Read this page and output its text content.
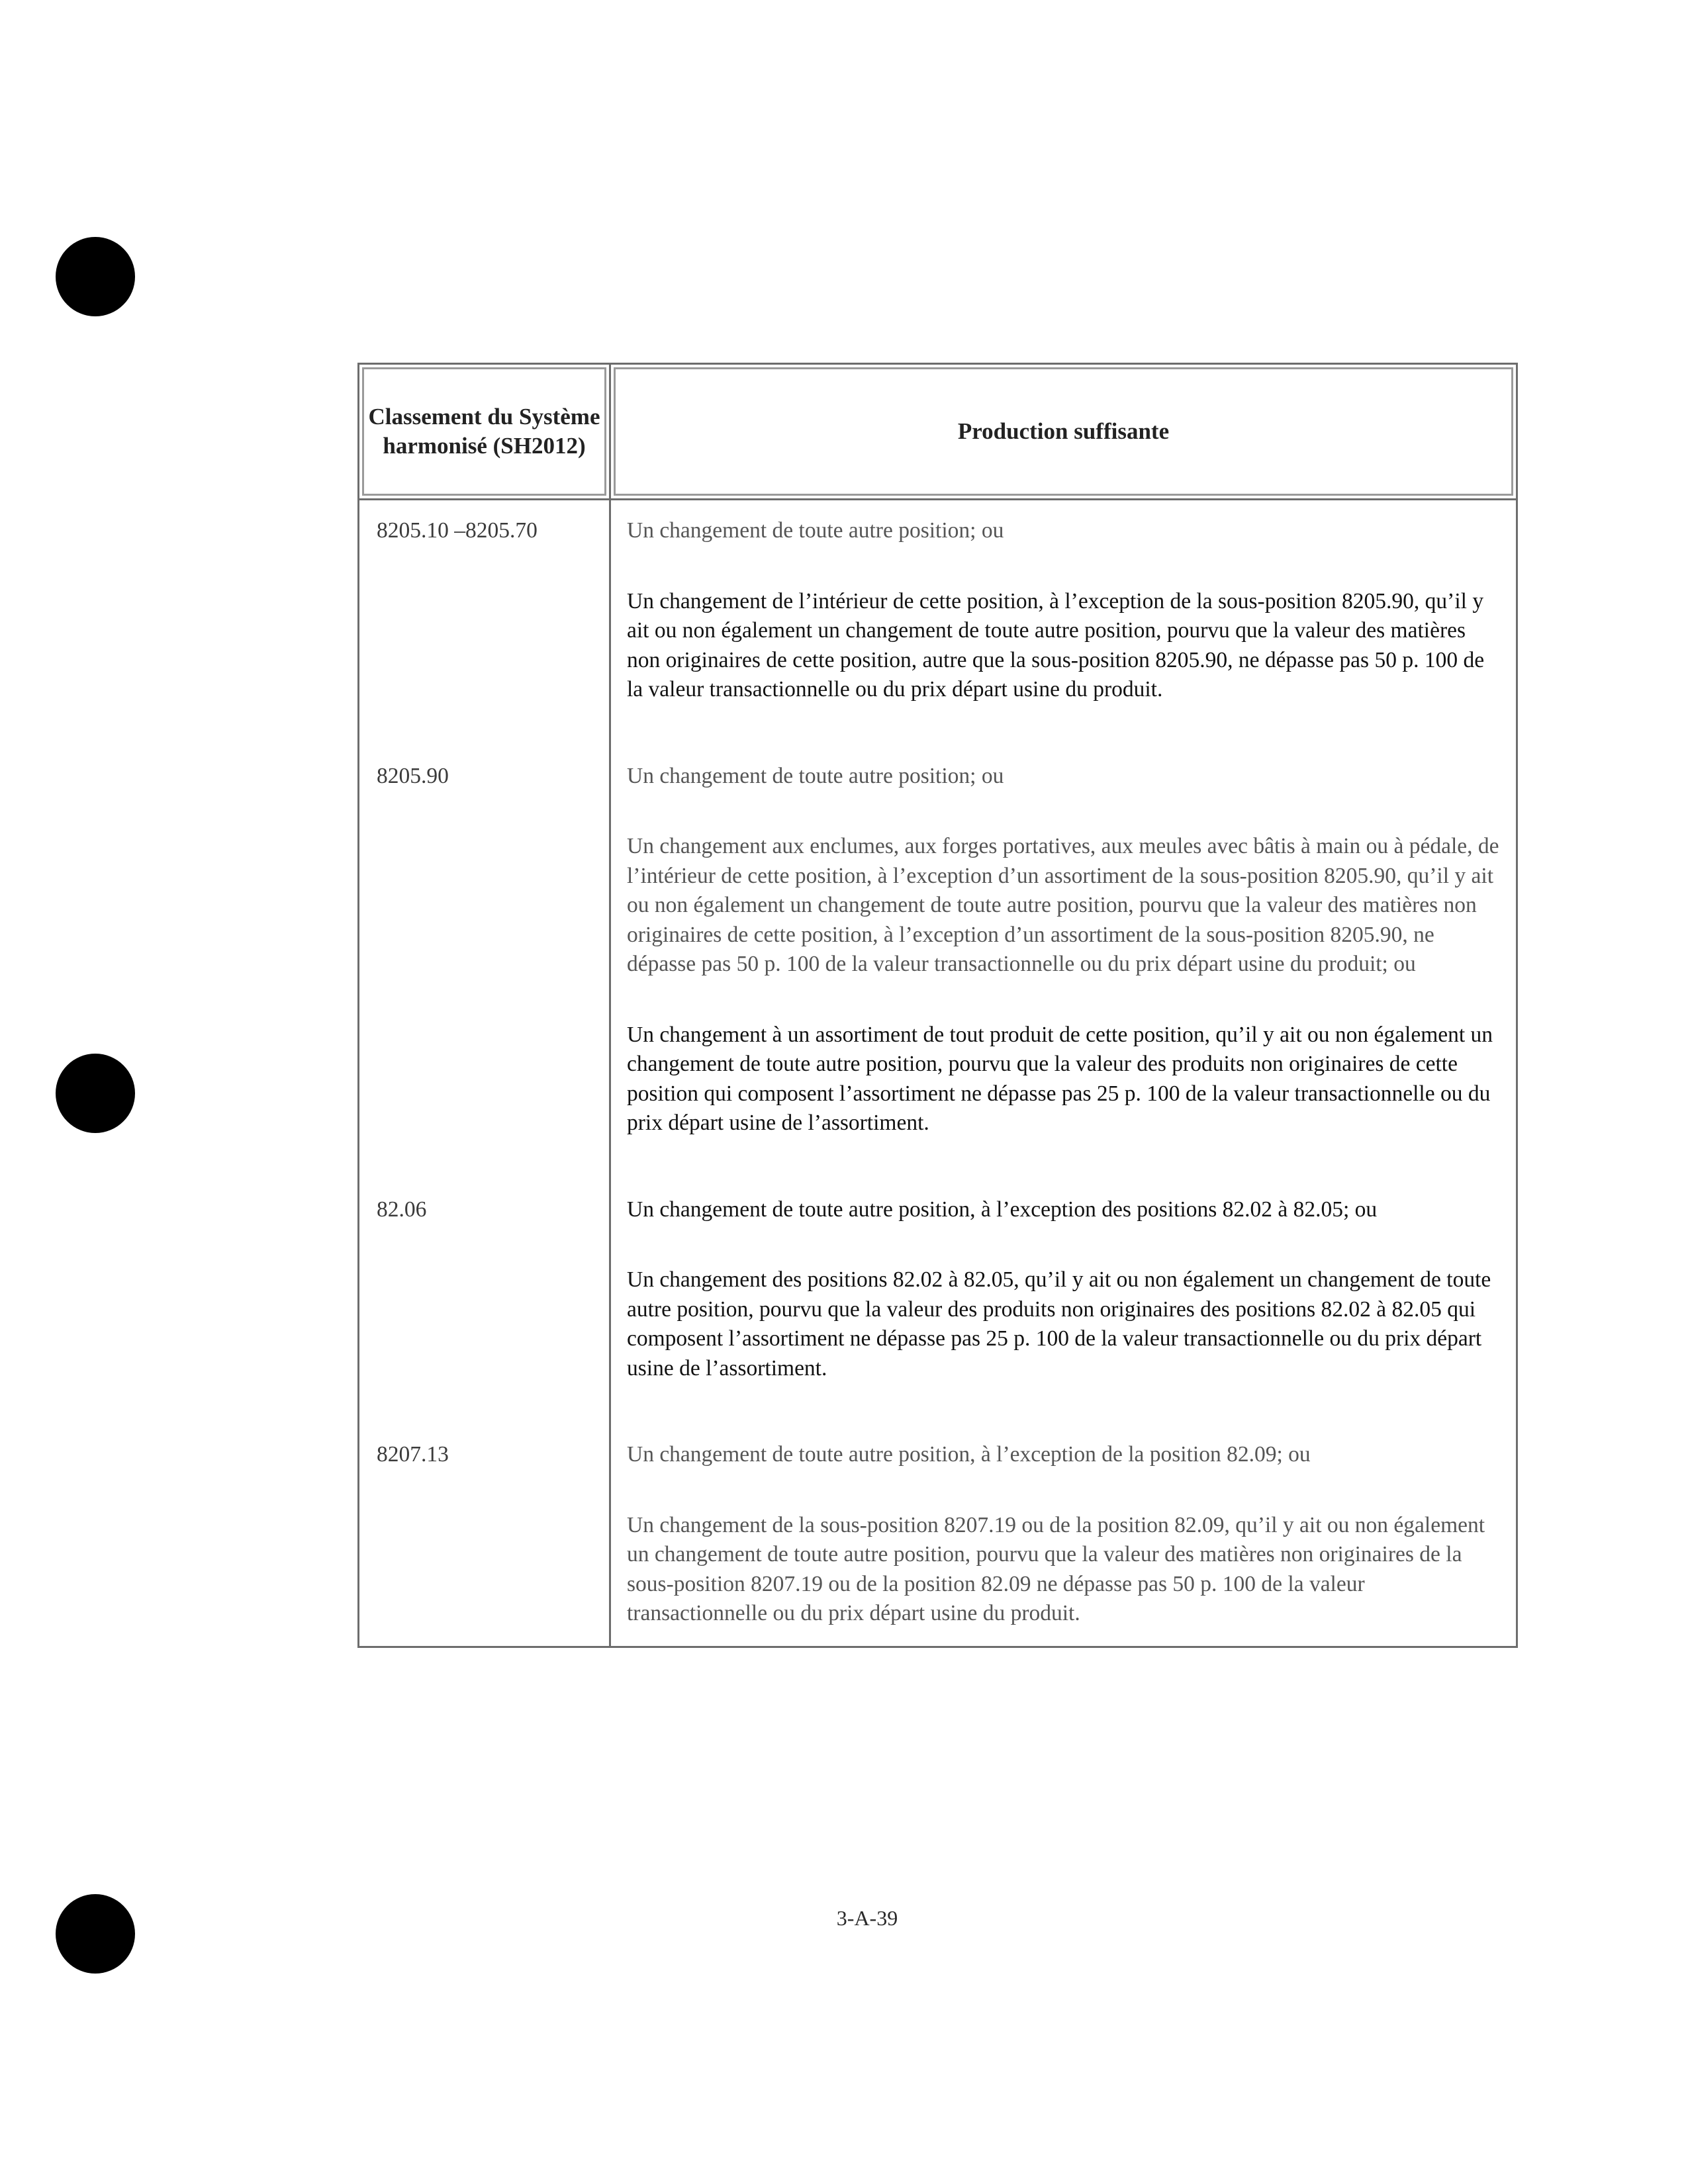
Classement du Système harmonisé (SH2012)	Production suffisante
8205.10 –8205.70	Un changement de toute autre position; ou

Un changement de l’intérieur de cette position, à l’exception de la sous-position 8205.90, qu’il y ait ou non également un changement de toute autre position, pourvu que la valeur des matières non originaires de cette position, autre que la sous-position 8205.90, ne dépasse pas 50 p. 100 de la valeur transactionnelle ou du prix départ usine du produit.

8205.90	Un changement de toute autre position; ou

Un changement aux enclumes, aux forges portatives, aux meules avec bâtis à main ou à pédale, de l’intérieur de cette position, à l’exception d’un assortiment de la sous-position 8205.90, qu’il y ait ou non également un changement de toute autre position, pourvu que la valeur des matières non originaires de cette position, à l’exception d’un assortiment de la sous-position 8205.90, ne dépasse pas 50 p. 100 de la valeur transactionnelle ou du prix départ usine du produit; ou

Un changement à un assortiment de tout produit de cette position, qu’il y ait ou non également un changement de toute autre position, pourvu que la valeur des produits non originaires de cette position qui composent l’assortiment ne dépasse pas 25 p. 100 de la valeur transactionnelle ou du prix départ usine de l’assortiment.

82.06	Un changement de toute autre position, à l’exception des positions 82.02 à 82.05; ou

Un changement des positions 82.02 à 82.05, qu’il y ait ou non également un changement de toute autre position, pourvu que la valeur des produits non originaires des positions 82.02 à 82.05 qui composent l’assortiment ne dépasse pas 25 p. 100 de la valeur transactionnelle ou du prix départ usine de l’assortiment.

8207.13	Un changement de toute autre position, à l’exception de la position 82.09; ou

Un changement de la sous-position 8207.19 ou de la position 82.09, qu’il y ait ou non également un changement de toute autre position, pourvu que la valeur des matières non originaires de la sous-position 8207.19 ou de la position 82.09 ne dépasse pas 50 p. 100 de la valeur transactionnelle ou du prix départ usine du produit.

3-A-39
